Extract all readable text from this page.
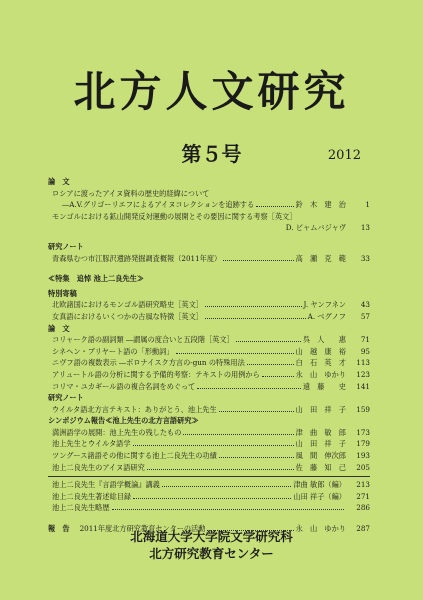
北方人文研究
第５号	2012
論　文
ロシアに渡ったアイヌ資料の歴史的経緯について
―A.V.グリゴーリエフによるアイヌコレクションを追跡する	鈴　木　建　治	1
モンゴルにおける鉱山開発反対運動の展開とその要因に関する考察［英文］
D. ビャムバジャヴ	13
研究ノート
青森県むつ市江豚沢遺跡発掘調査概報（2011年度）	高　瀬　克　範	33
≪特集　追悼 池上二良先生≫
特別寄稿
北欧諸国におけるモンゴル語研究略史［英文］	J. ヤンフネン	43
女真語におけるいくつかの古風な特徴［英文］	A. ベグノフ	57
論　文
コリャーク語の副詞類 ―謂属の度合いと五段階［英文］	呉　人　　惠	71
シネヘン・ブリヤート語の「形動詞」	山　越　康　裕	95
ニヴフ語の複数表示 ―ボロナイスク方言の-gun の特殊用法	白　石　英　才	113
アリュートル語の分析に関する予備的考察：テキストの用例から	永　山　ゆかり	123
コリマ・ユカギール語の複合名詞をめぐって	遠　藤　　史	141
研究ノート
ウイルタ語北方言テキスト：ありがとう、池上先生	山　田　祥　子	159
シンポジウム報告≪池上先生の北方言語研究≫
満洲語学の展開：池上先生の残したもの	津　曲　敏　郎	173
池上先生とウイルタ語学	山　田　祥　子	179
ツングース諸語その他に関する池上二良先生の功績	風　間　伸次郎	193
池上二良先生のアイヌ語研究	佐　藤　知　己	205
池上二良先生『言語学概論』講義	津曲 敏郎（編）	213
池上二良先生著述総目録	山田 祥子（編）	271
池上二良先生略歴	286
報　告 2011年度北方研究教育センターの活動	永　山　ゆかり	287
北海道大学大学院文学研究科
北方研究教育センター
